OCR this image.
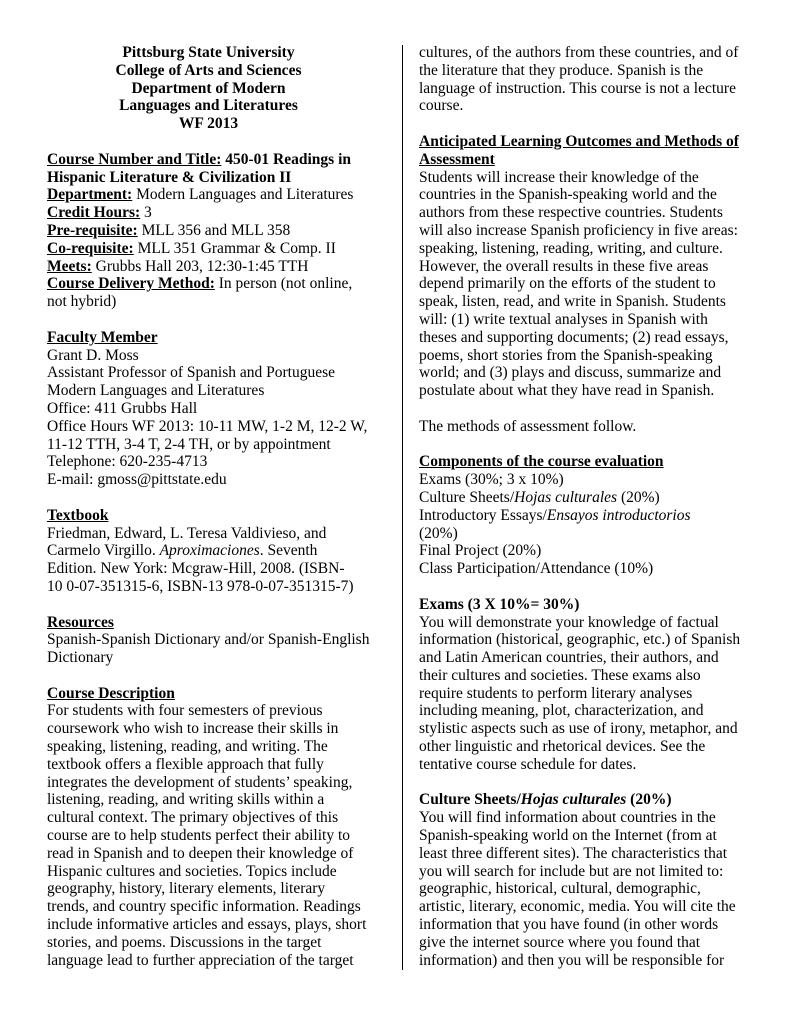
Pittsburg State University
College of Arts and Sciences
Department of Modern
Languages and Literatures
WF 2013
Course Number and Title: 450-01 Readings in
Hispanic Literature & Civilization II
Department: Modern Languages and Literatures
Credit Hours: 3
Pre-requisite: MLL 356 and MLL 358
Co-requisite: MLL 351 Grammar & Comp. II
Meets: Grubbs Hall 203, 12:30-1:45 TTH
Course Delivery Method: In person (not online,
not hybrid)
Faculty Member
Grant D. Moss
Assistant Professor of Spanish and Portuguese
Modern Languages and Literatures
Office: 411 Grubbs Hall
Office Hours WF 2013: 10-11 MW, 1-2 M, 12-2 W,
11-12 TTH, 3-4 T, 2-4 TH, or by appointment
Telephone: 620-235-4713
E-mail: gmoss@pittstate.edu
Textbook
Friedman, Edward, L. Teresa Valdivieso, and
Carmelo Virgillo. Aproximaciones. Seventh
Edition. New York: Mcgraw-Hill, 2008. (ISBN-
10 0-07-351315-6, ISBN-13 978-0-07-351315-7)
Resources
Spanish-Spanish Dictionary and/or Spanish-English
Dictionary
Course Description
For students with four semesters of previous
coursework who wish to increase their skills in
speaking, listening, reading, and writing. The
textbook offers a flexible approach that fully
integrates the development of students’ speaking,
listening, reading, and writing skills within a
cultural context. The primary objectives of this
course are to help students perfect their ability to
read in Spanish and to deepen their knowledge of
Hispanic cultures and societies. Topics include
geography, history, literary elements, literary
trends, and country specific information. Readings
include informative articles and essays, plays, short
stories, and poems. Discussions in the target
language lead to further appreciation of the target
cultures, of the authors from these countries, and of
the literature that they produce. Spanish is the
language of instruction. This course is not a lecture
course.
Anticipated Learning Outcomes and Methods of
Assessment
Students will increase their knowledge of the
countries in the Spanish-speaking world and the
authors from these respective countries. Students
will also increase Spanish proficiency in five areas:
speaking, listening, reading, writing, and culture.
However, the overall results in these five areas
depend primarily on the efforts of the student to
speak, listen, read, and write in Spanish. Students
will: (1) write textual analyses in Spanish with
theses and supporting documents; (2) read essays,
poems, short stories from the Spanish-speaking
world; and (3) plays and discuss, summarize and
postulate about what they have read in Spanish.
The methods of assessment follow.
Components of the course evaluation
Exams (30%; 3 x 10%)
Culture Sheets/Hojas culturales (20%)
Introductory Essays/Ensayos introductorios
(20%)
Final Project (20%)
Class Participation/Attendance (10%)
Exams (3 X 10%= 30%)
You will demonstrate your knowledge of factual
information (historical, geographic, etc.) of Spanish
and Latin American countries, their authors, and
their cultures and societies. These exams also
require students to perform literary analyses
including meaning, plot, characterization, and
stylistic aspects such as use of irony, metaphor, and
other linguistic and rhetorical devices. See the
tentative course schedule for dates.
Culture Sheets/Hojas culturales (20%)
You will find information about countries in the
Spanish-speaking world on the Internet (from at
least three different sites). The characteristics that
you will search for include but are not limited to:
geographic, historical, cultural, demographic,
artistic, literary, economic, media. You will cite the
information that you have found (in other words
give the internet source where you found that
information) and then you will be responsible for
